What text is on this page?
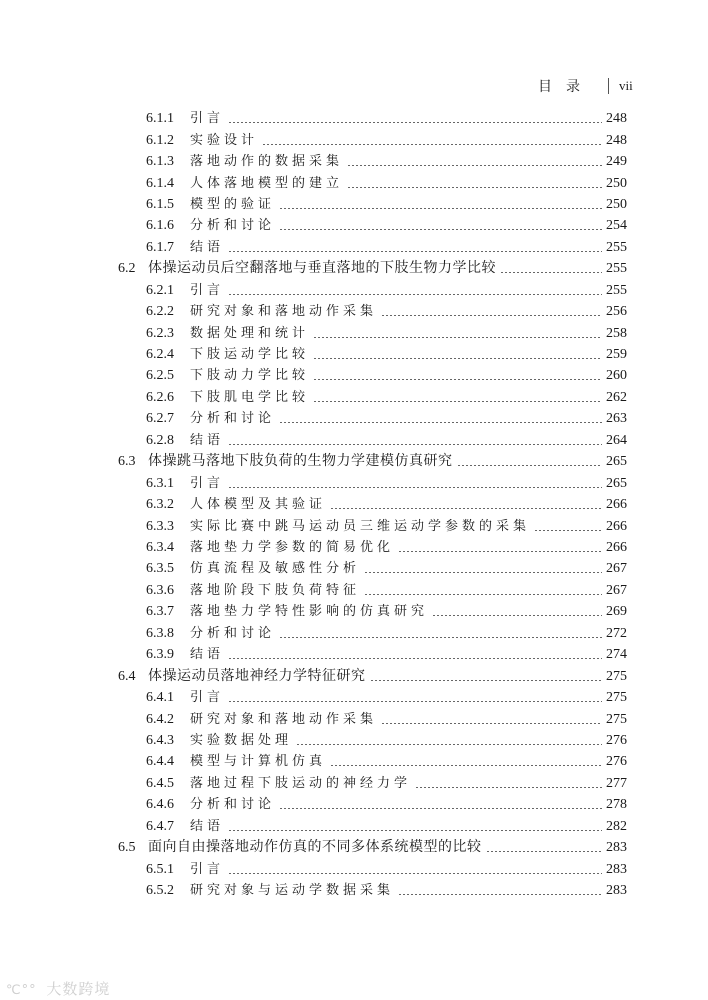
目　录	vii
6.1.1	引言	248
6.1.2	实验设计	248
6.1.3	落地动作的数据采集	249
6.1.4	人体落地模型的建立	250
6.1.5	模型的验证	250
6.1.6	分析和讨论	254
6.1.7	结语	255
6.2 体操运动员后空翻落地与垂直落地的下肢生物力学比较	255
6.2.1	引言	255
6.2.2	研究对象和落地动作采集	256
6.2.3	数据处理和统计	258
6.2.4	下肢运动学比较	259
6.2.5	下肢动力学比较	260
6.2.6	下肢肌电学比较	262
6.2.7	分析和讨论	263
6.2.8	结语	264
6.3 体操跳马落地下肢负荷的生物力学建模仿真研究	265
6.3.1	引言	265
6.3.2	人体模型及其验证	266
6.3.3	实际比赛中跳马运动员三维运动学参数的采集	266
6.3.4	落地垫力学参数的简易优化	266
6.3.5	仿真流程及敏感性分析	267
6.3.6	落地阶段下肢负荷特征	267
6.3.7	落地垫力学特性影响的仿真研究	269
6.3.8	分析和讨论	272
6.3.9	结语	274
6.4 体操运动员落地神经力学特征研究	275
6.4.1	引言	275
6.4.2	研究对象和落地动作采集	275
6.4.3	实验数据处理	276
6.4.4	模型与计算机仿真	276
6.4.5	落地过程下肢运动的神经力学	277
6.4.6	分析和讨论	278
6.4.7	结语	282
6.5 面向自由操落地动作仿真的不同多体系统模型的比较	283
6.5.1	引言	283
6.5.2	研究对象与运动学数据采集	283
℃°° 大数跨境
